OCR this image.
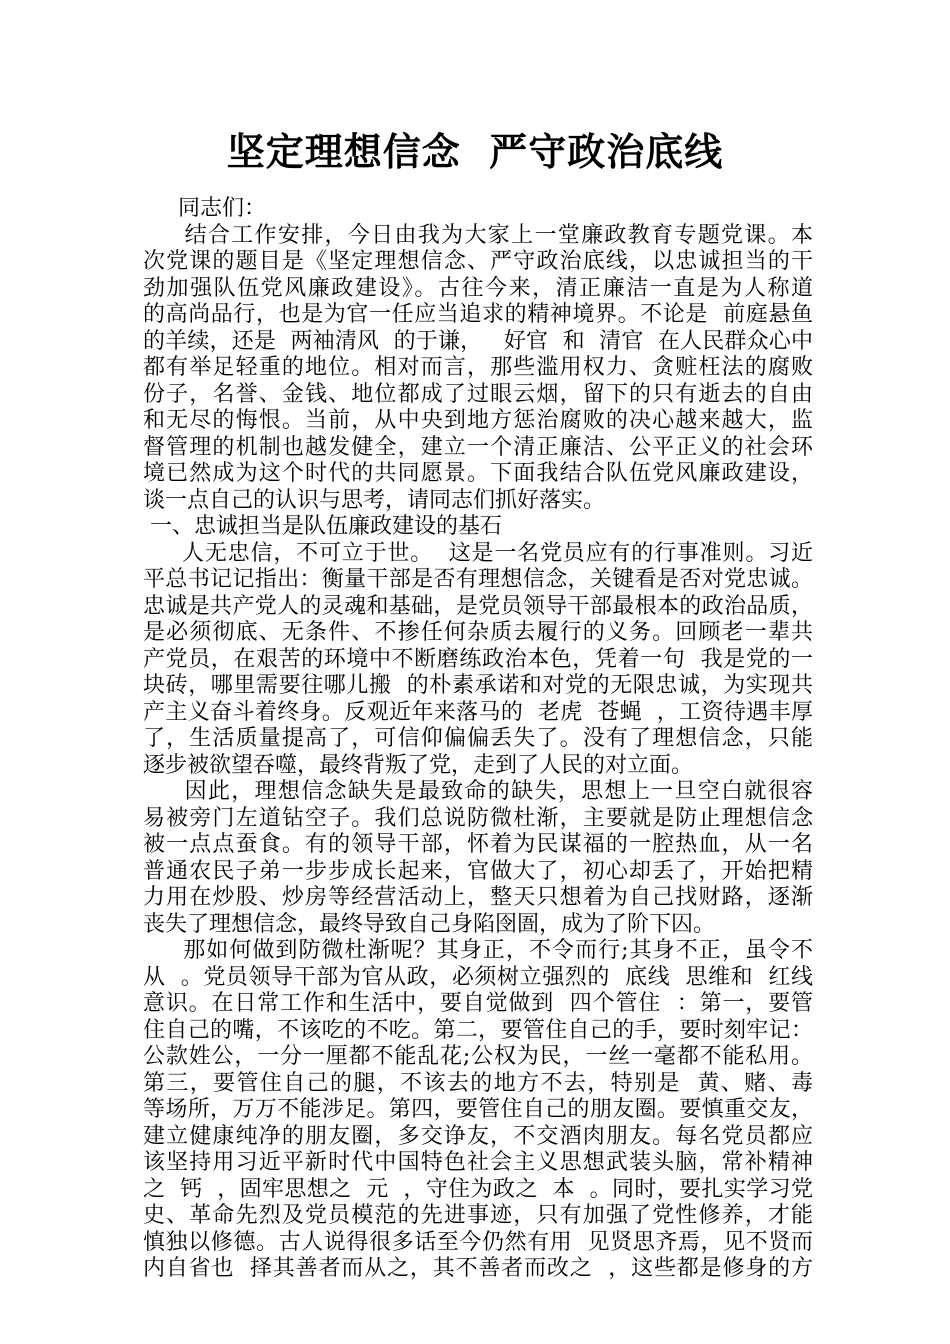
坚定理想信念  严守政治底线
同志们：
结合工作安排，今日由我为大家上一堂廉政教育专题党课。本
次党课的题目是《坚定理想信念、严守政治底线，以忠诚担当的干
劲加强队伍党风廉政建设》。古往今来，清正廉洁一直是为人称道
的高尚品行，也是为官一任应当追求的精神境界。不论是  前庭悬鱼
的羊续，还是  两袖清风  的于谦，   好官  和  清官  在人民群众心中
都有举足轻重的地位。相对而言，那些滥用权力、贪赃枉法的腐败
份子，名誉、金钱、地位都成了过眼云烟，留下的只有逝去的自由
和无尽的悔恨。当前，从中央到地方惩治腐败的决心越来越大，监
督管理的机制也越发健全，建立一个清正廉洁、公平正义的社会环
境已然成为这个时代的共同愿景。下面我结合队伍党风廉政建设，
谈一点自己的认识与思考，请同志们抓好落实。
一、忠诚担当是队伍廉政建设的基石
人无忠信，不可立于世。  这是一名党员应有的行事准则。习近
平总书记记指出：衡量干部是否有理想信念，关键看是否对党忠诚。
忠诚是共产党人的灵魂和基础，是党员领导干部最根本的政治品质，
是必须彻底、无条件、不掺任何杂质去履行的义务。回顾老一辈共
产党员，在艰苦的环境中不断磨练政治本色，凭着一句  我是党的一
块砖，哪里需要往哪儿搬  的朴素承诺和对党的无限忠诚，为实现共
产主义奋斗着终身。反观近年来落马的  老虎  苍蝇  ，工资待遇丰厚
了，生活质量提高了，可信仰偏偏丢失了。没有了理想信念，只能
逐步被欲望吞噬，最终背叛了党，走到了人民的对立面。
因此，理想信念缺失是最致命的缺失，思想上一旦空白就很容
易被旁门左道钻空子。我们总说防微杜渐，主要就是防止理想信念
被一点点蚕食。有的领导干部，怀着为民谋福的一腔热血，从一名
普通农民子弟一步步成长起来，官做大了，初心却丢了，开始把精
力用在炒股、炒房等经营活动上，整天只想着为自己找财路，逐渐
丧失了理想信念，最终导致自己身陷囹圄，成为了阶下囚。
那如何做到防微杜渐呢？其身正，不令而行;其身不正，虽令不
从  。党员领导干部为官从政，必须树立强烈的  底线  思维和  红线
意识。在日常工作和生活中，要自觉做到  四个管住  ：第一，要管
住自己的嘴，不该吃的不吃。第二，要管住自己的手，要时刻牢记：
公款姓公，一分一厘都不能乱花;公权为民，一丝一毫都不能私用。
第三，要管住自己的腿，不该去的地方不去，特别是  黄、赌、毒
等场所，万万不能涉足。第四，要管住自己的朋友圈。要慎重交友，
建立健康纯净的朋友圈，多交诤友，不交酒肉朋友。每名党员都应
该坚持用习近平新时代中国特色社会主义思想武装头脑，常补精神
之  钙  ，固牢思想之  元  ，守住为政之  本  。同时，要扎实学习党
史、革命先烈及党员模范的先进事迹，只有加强了党性修养，才能
慎独以修德。古人说得很多话至今仍然有用  见贤思齐焉，见不贤而
内自省也  择其善者而从之，其不善者而改之  ，这些都是修身的方
